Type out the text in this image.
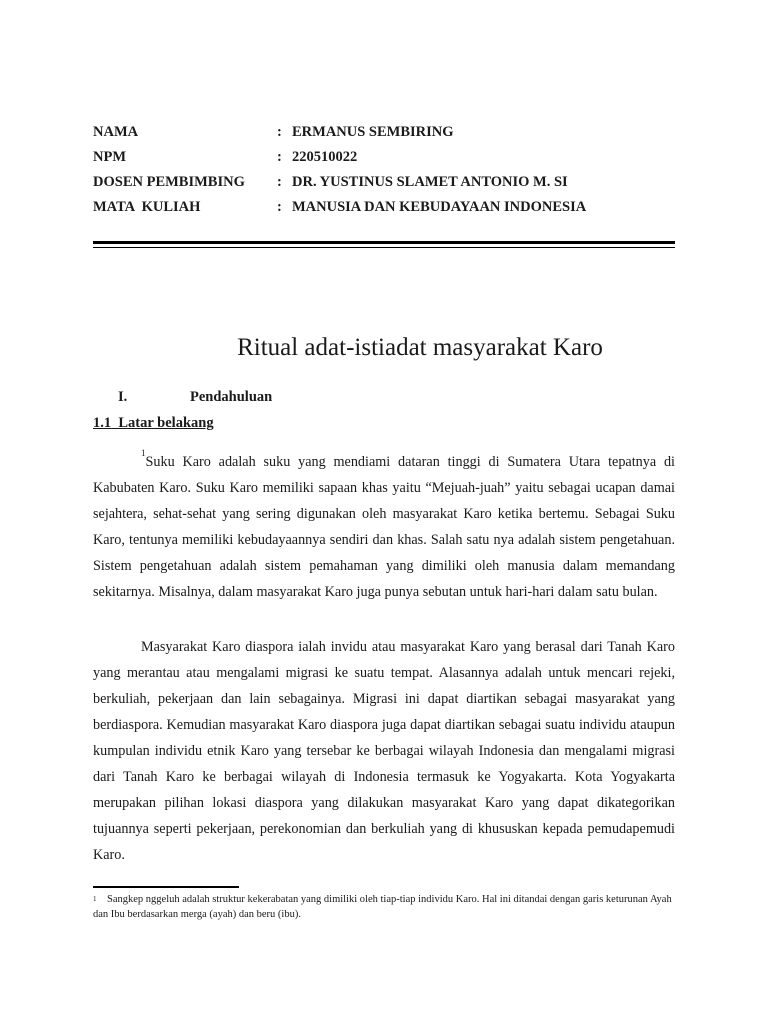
NAMA	: ERMANUS SEMBIRING
NPM	: 220510022
DOSEN PEMBIMBING	: DR. YUSTINUS SLAMET ANTONIO M. SI
MATA  KULIAH	: MANUSIA DAN KEBUDAYAAN INDONESIA
Ritual adat-istiadat masyarakat Karo
I.	Pendahuluan
1.1  Latar belakang

$^1$Suku Karo adalah suku yang mendiami dataran tinggi di Sumatera Utara tepatnya di Kabubaten Karo. Suku Karo memiliki sapaan khas yaitu “Mejuah-juah” yaitu sebagai ucapan damai sejahtera, sehat-sehat yang sering digunakan oleh masyarakat Karo ketika bertemu. Sebagai Suku Karo, tentunya memiliki kebudayaannya sendiri dan khas. Salah satu nya adalah sistem pengetahuan. Sistem pengetahuan adalah sistem pemahaman yang dimiliki oleh manusia dalam memandang sekitarnya. Misalnya, dalam masyarakat Karo juga punya sebutan untuk hari-hari dalam satu bulan.

Masyarakat Karo diaspora ialah invidu atau masyarakat Karo yang berasal dari Tanah Karo yang merantau atau mengalami migrasi ke suatu tempat. Alasannya adalah untuk mencari rejeki, berkuliah, pekerjaan dan lain sebagainya. Migrasi ini dapat diartikan sebagai masyarakat yang berdiaspora. Kemudian masyarakat Karo diaspora juga dapat diartikan sebagai suatu individu ataupun kumpulan individu etnik Karo yang tersebar ke berbagai wilayah Indonesia dan mengalami migrasi dari Tanah Karo ke berbagai wilayah di Indonesia termasuk ke Yogyakarta. Kota Yogyakarta merupakan pilihan lokasi diaspora yang dilakukan masyarakat Karo yang dapat dikategorikan tujuannya seperti pekerjaan, perekonomian dan berkuliah yang di khususkan kepada pemudapemudi Karo.

1 Sangkep nggeluh adalah struktur kekerabatan yang dimiliki oleh tiap-tiap individu Karo. Hal ini ditandai dengan garis keturunan Ayah dan Ibu berdasarkan merga (ayah) dan beru (ibu).
